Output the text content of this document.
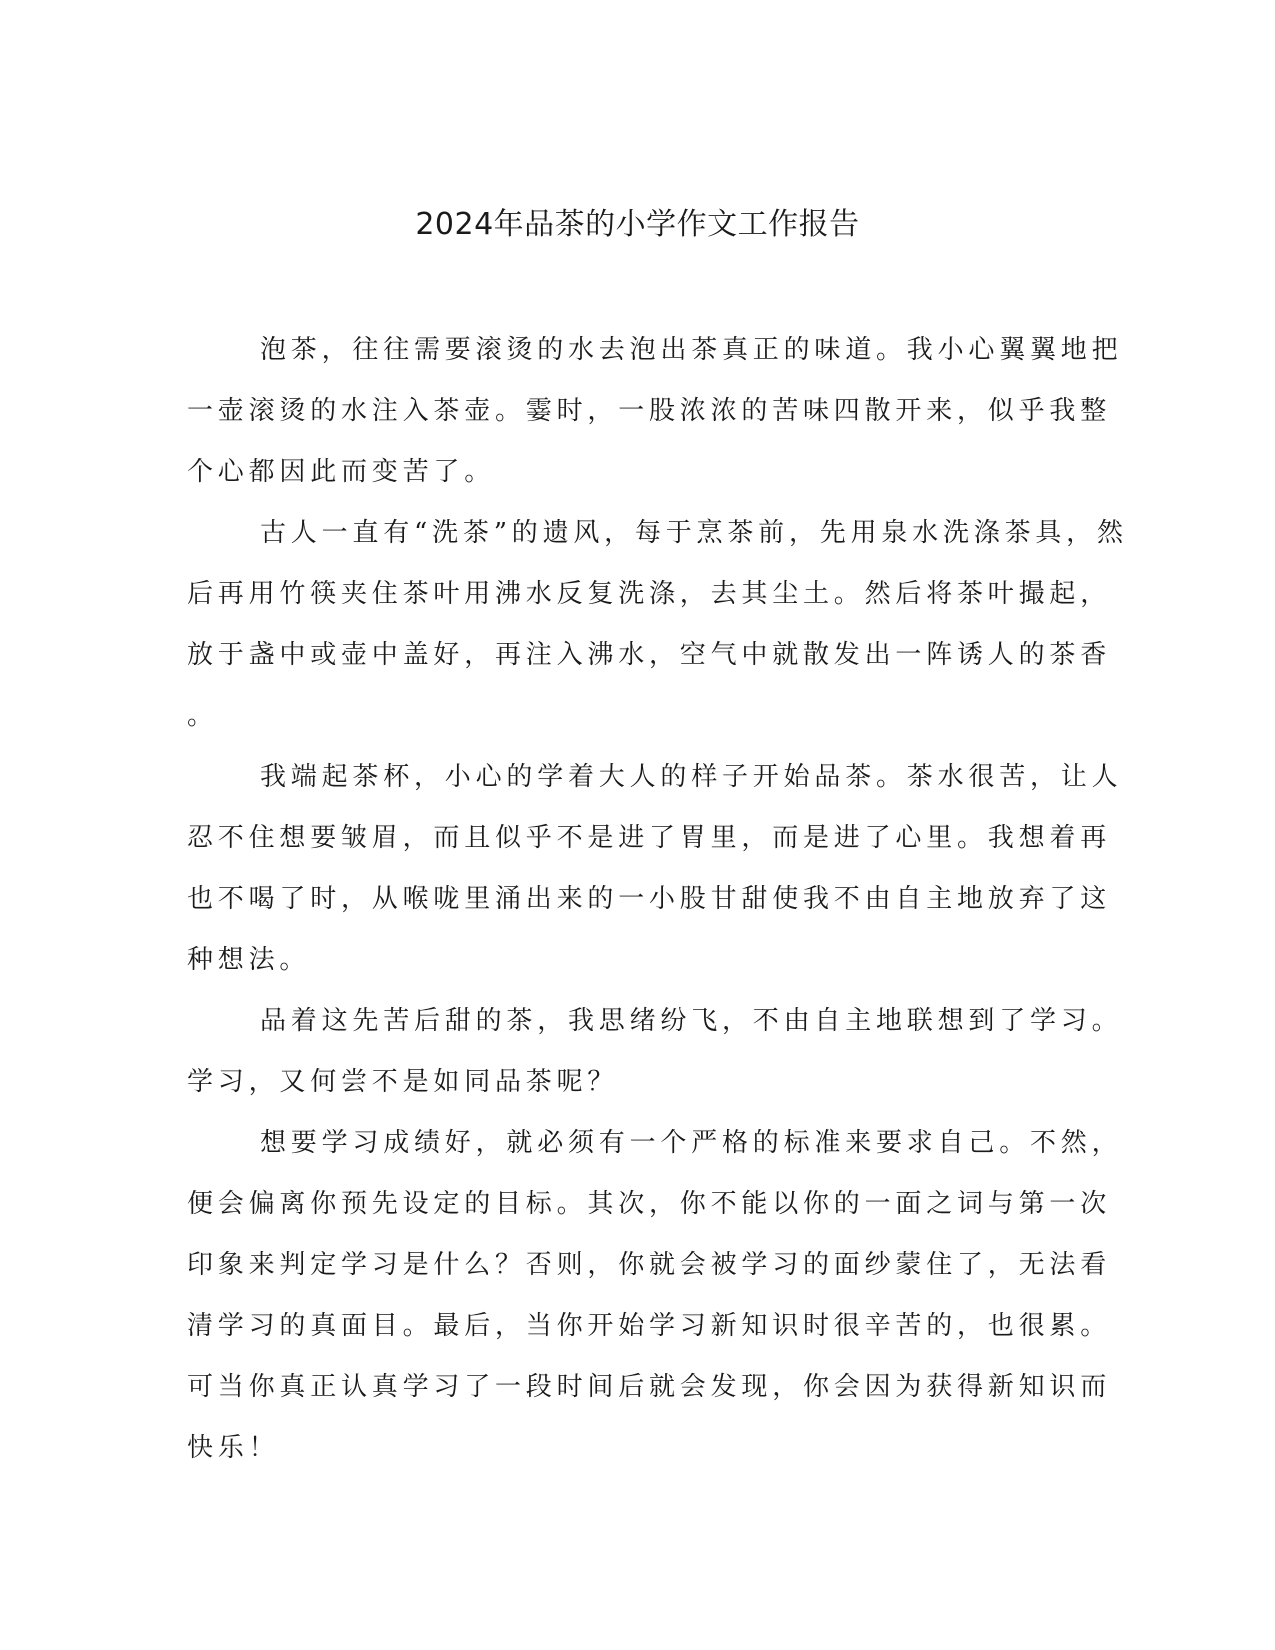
2024年品茶的小学作文工作报告

泡茶，往往需要滚烫的水去泡出茶真正的味道。我小心翼翼地把
一壶滚烫的水注入茶壶。霎时，一股浓浓的苦味四散开来，似乎我整
个心都因此而变苦了。

古人一直有“洗茶”的遗风，每于烹茶前，先用泉水洗涤茶具，然
后再用竹筷夹住茶叶用沸水反复洗涤，去其尘土。然后将茶叶撮起，
放于盏中或壶中盖好，再注入沸水，空气中就散发出一阵诱人的茶香
。

我端起茶杯，小心的学着大人的样子开始品茶。茶水很苦，让人
忍不住想要皱眉，而且似乎不是进了胃里，而是进了心里。我想着再
也不喝了时，从喉咙里涌出来的一小股甘甜使我不由自主地放弃了这
种想法。

品着这先苦后甜的茶，我思绪纷飞，不由自主地联想到了学习。
学习，又何尝不是如同品茶呢？

想要学习成绩好，就必须有一个严格的标准来要求自己。不然，
便会偏离你预先设定的目标。其次，你不能以你的一面之词与第一次
印象来判定学习是什么？否则，你就会被学习的面纱蒙住了，无法看
清学习的真面目。最后，当你开始学习新知识时很辛苦的，也很累。
可当你真正认真学习了一段时间后就会发现，你会因为获得新知识而
快乐！
